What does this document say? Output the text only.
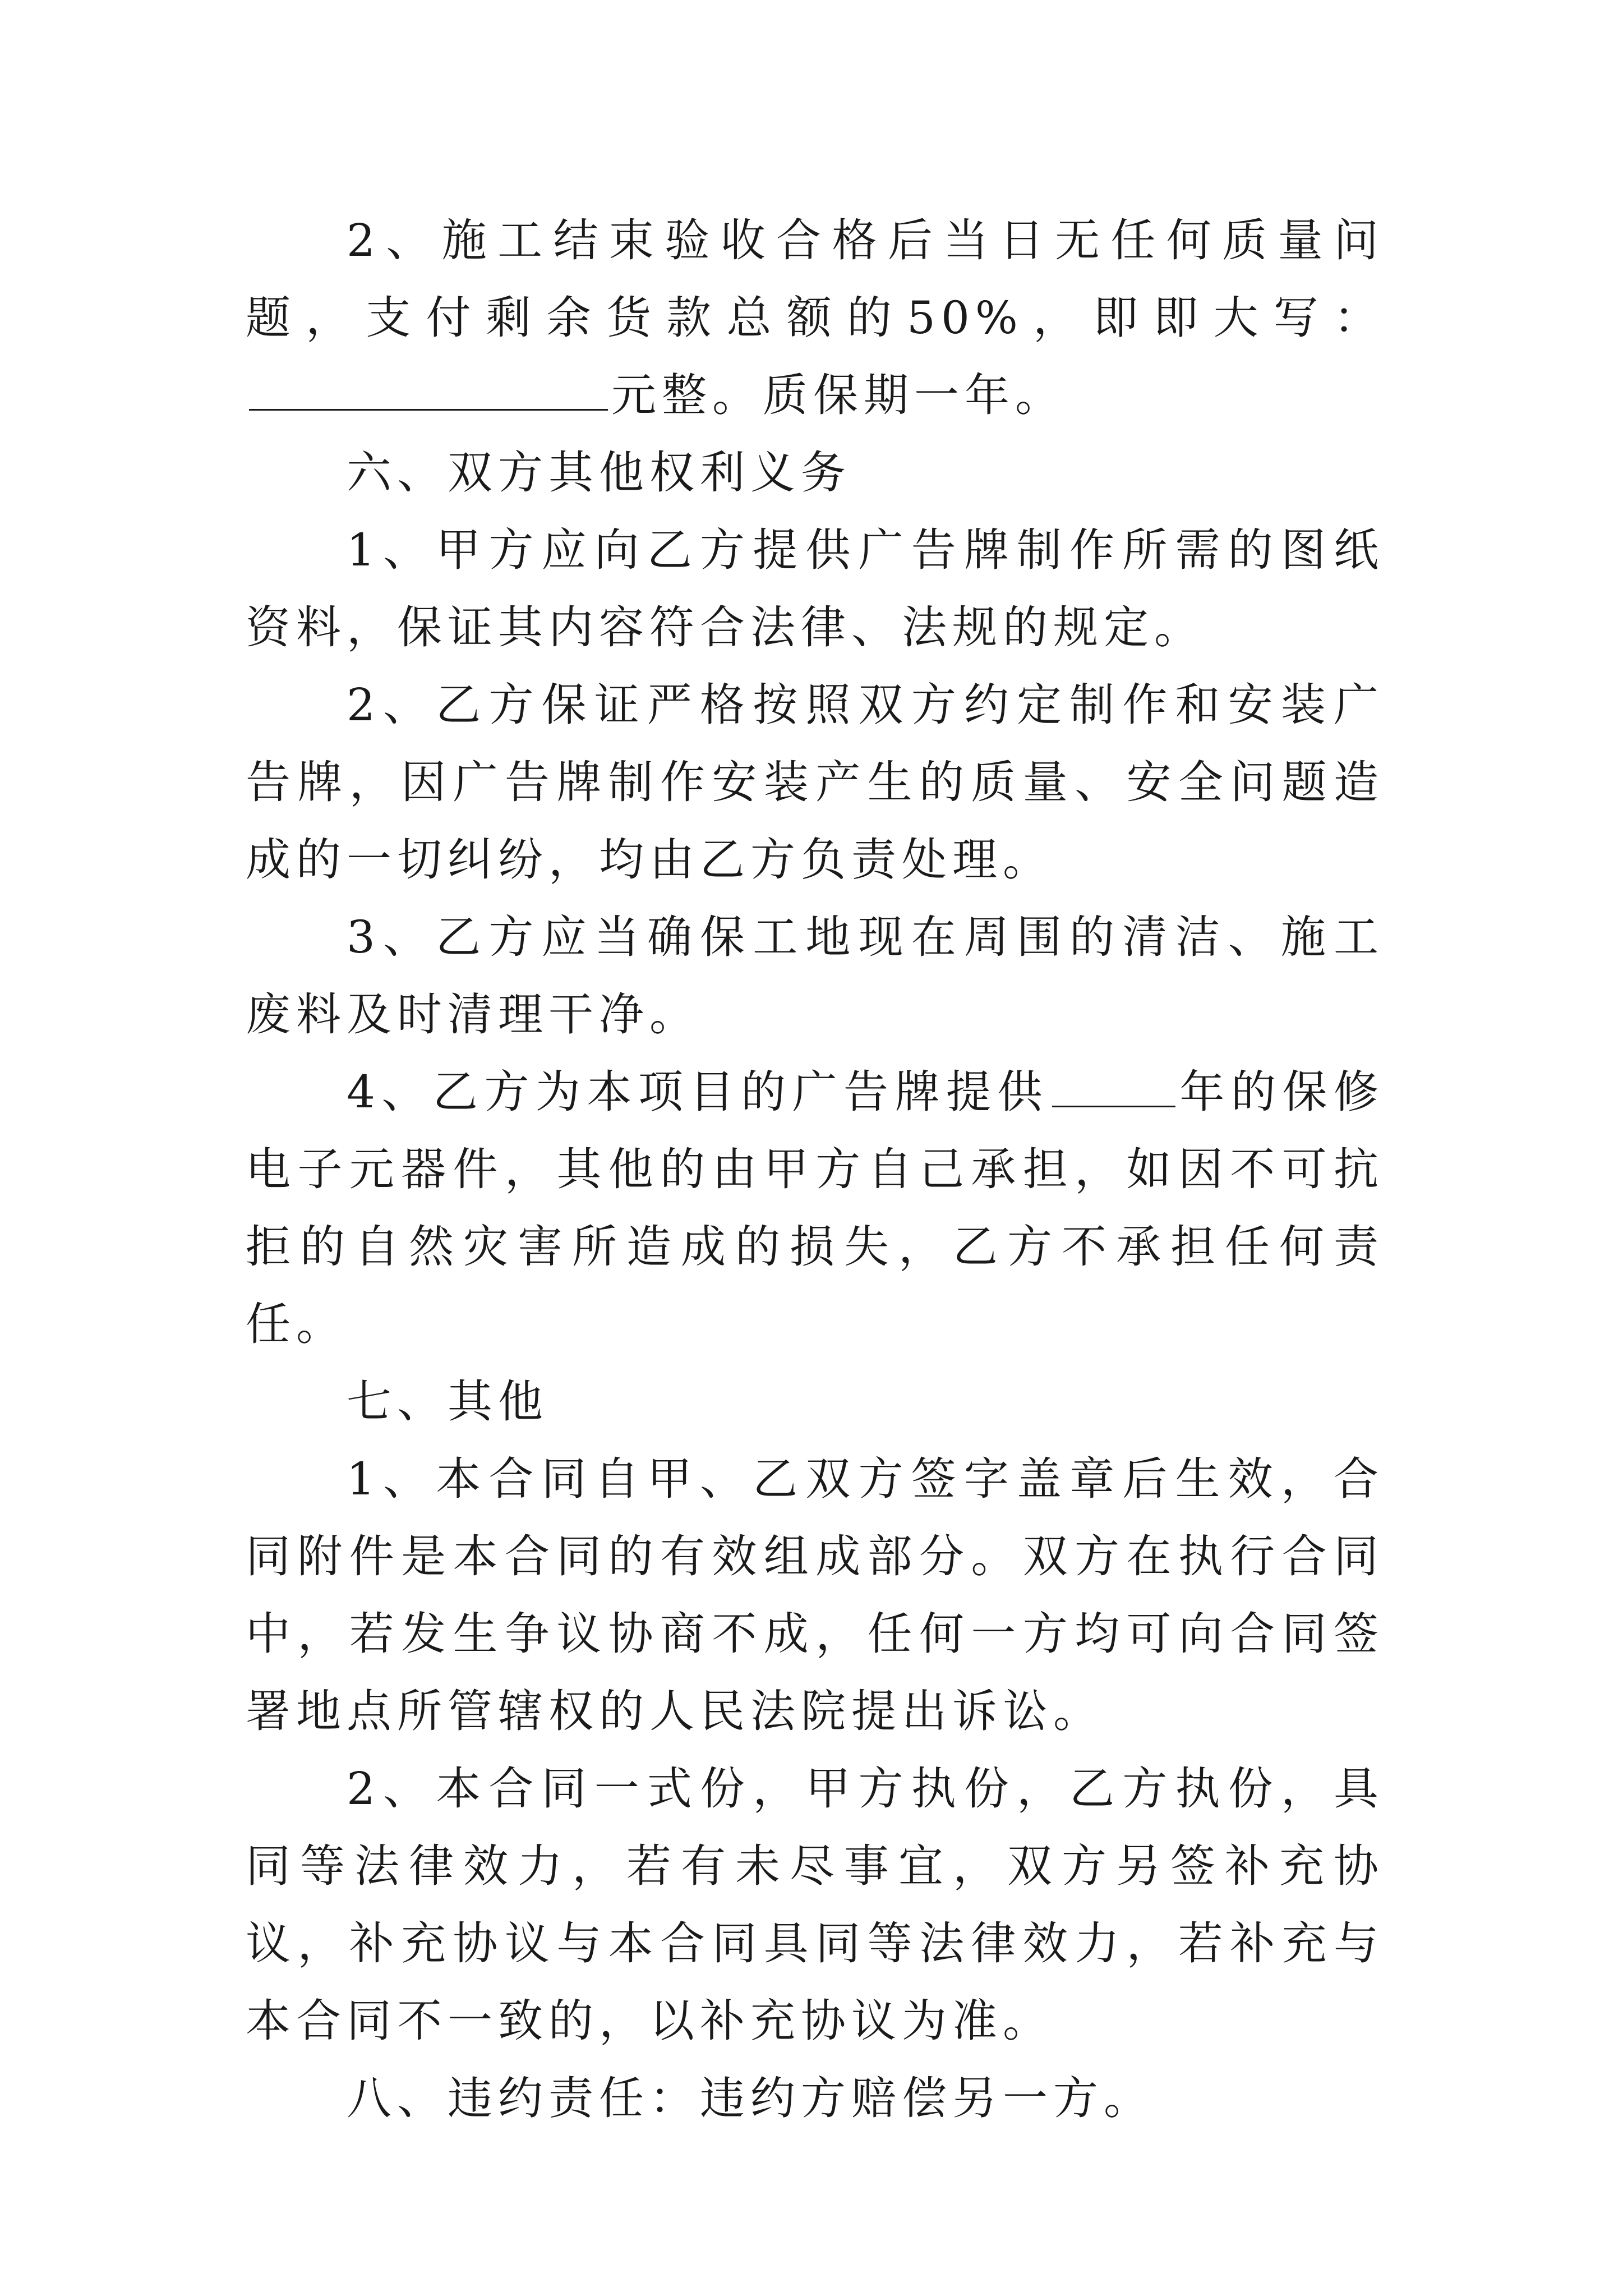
2、施工结束验收合格后当日无任何质量问题，支付剩余货款总额的50%，即即大写：元整。质保期一年。

六、双方其他权利义务

1、甲方应向乙方提供广告牌制作所需的图纸资料，保证其内容符合法律、法规的规定。

2、乙方保证严格按照双方约定制作和安装广告牌，因广告牌制作安装产生的质量、安全问题造成的一切纠纷，均由乙方负责处理。

3、乙方应当确保工地现在周围的清洁、施工废料及时清理干净。

4、乙方为本项目的广告牌提供	年的保修电子元器件，其他的由甲方自己承担，如因不可抗拒的自然灾害所造成的损失，乙方不承担任何责任。

七、其他

1、本合同自甲、乙双方签字盖章后生效，合同附件是本合同的有效组成部分。双方在执行合同中，若发生争议协商不成，任何一方均可向合同签署地点所管辖权的人民法院提出诉讼。

2、本合同一式份，甲方执份，乙方执份，具同等法律效力，若有未尽事宜，双方另签补充协议，补充协议与本合同具同等法律效力，若补充与本合同不一致的，以补充协议为准。

八、违约责任：违约方赔偿另一方。
